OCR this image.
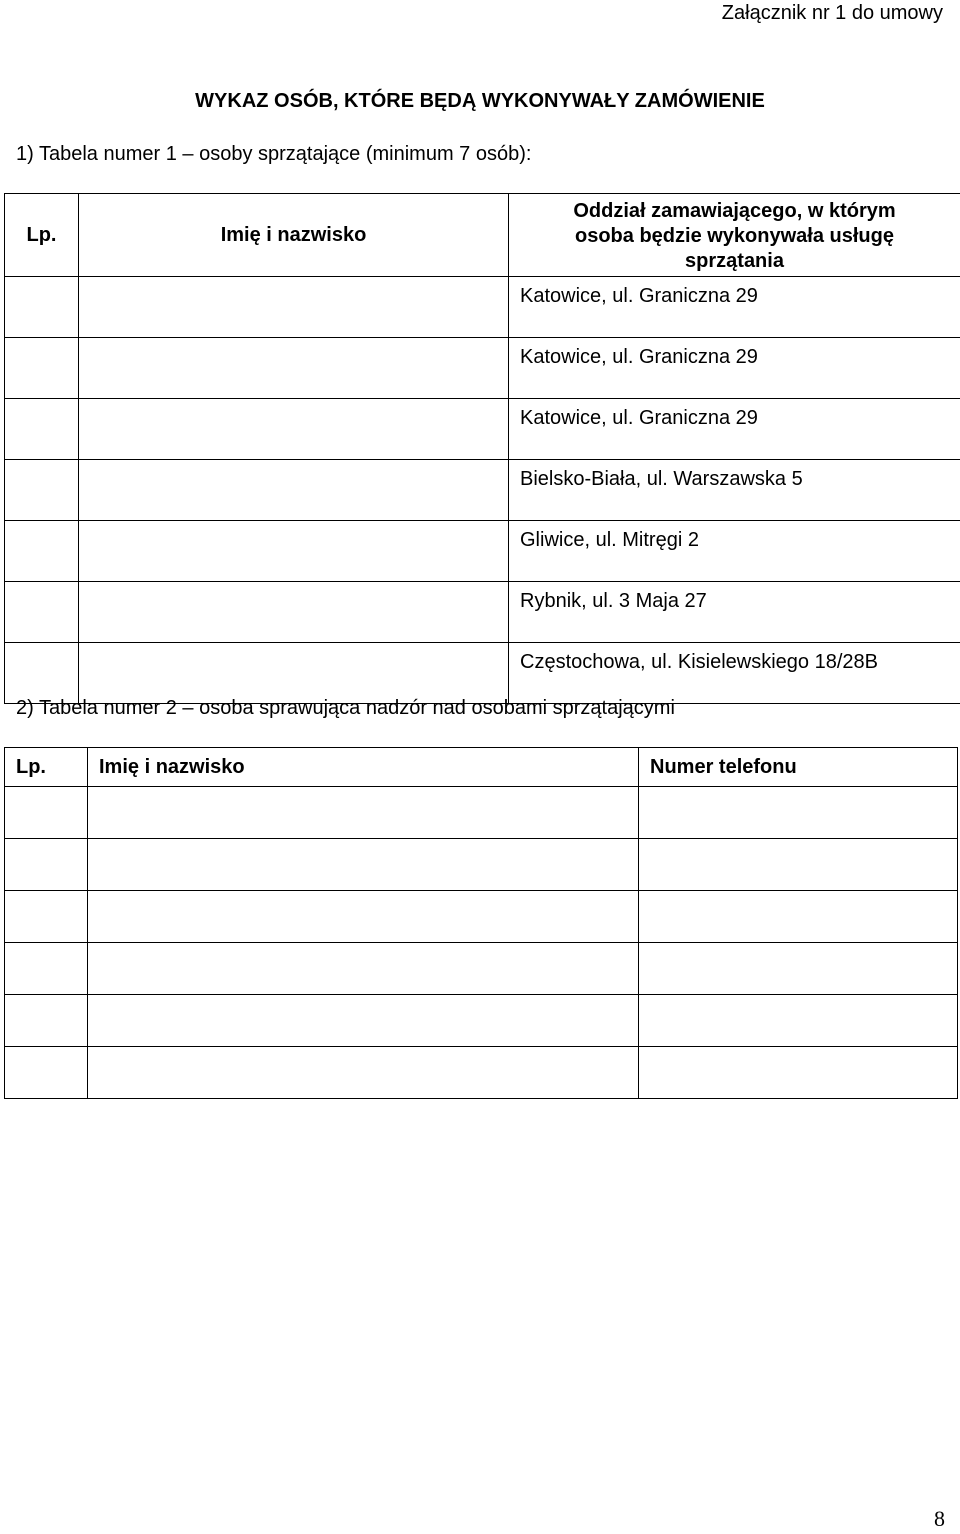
Załącznik nr 1 do umowy
WYKAZ OSÓB, KTÓRE BĘDĄ WYKONYWAŁY ZAMÓWIENIE
1) Tabela numer 1 – osoby sprzątające (minimum 7 osób):
Lp.	Imię i nazwisko	Oddział zamawiającego, w którym
osoba będzie wykonywała usługę
sprzątania

		Katowice, ul. Graniczna 29
		Katowice, ul. Graniczna 29
		Katowice, ul. Graniczna 29
		Bielsko-Biała, ul. Warszawska 5
		Gliwice, ul. Mitręgi 2
		Rybnik, ul. 3 Maja 27
		Częstochowa, ul. Kisielewskiego 18/28B
2) Tabela numer 2 – osoba sprawująca nadzór nad osobami sprzątającymi
Lp.	Imię i nazwisko	Numer telefonu

8
